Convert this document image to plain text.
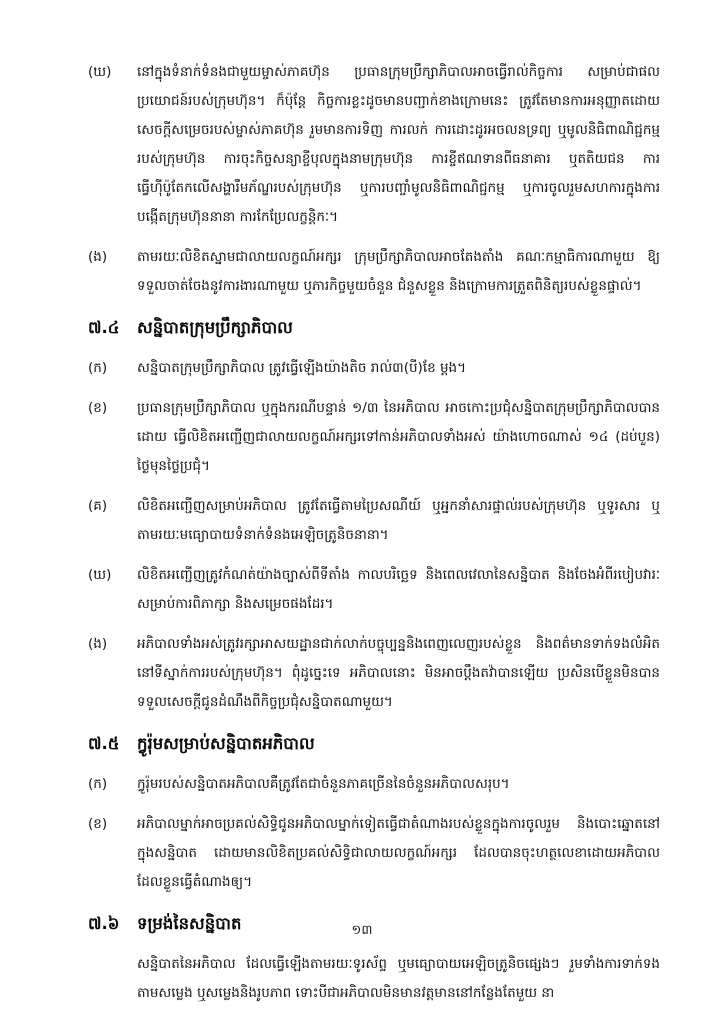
(ឃ)	នៅក្នុងទំនាក់ទំនងជាមួយម្ចាស់ភាគហ៊ុន ប្រធានក្រុមប្រឹក្សាភិបាលអាចធ្វើរាល់កិច្ចការ សម្រាប់ជាផលប្រយោជន៍របស់ក្រុមហ៊ុន។ ក៏ប៉ុន្តែ កិច្ចការខ្លះដូចមានបញ្ជាក់ខាងក្រោមនេះ ត្រូវតែមានការអនុញ្ញាតដោយសេចក្តីសម្រេចរបស់ម្ចាស់ភាគហ៊ុន រួមមានការទិញ ការលក់ ការដោះដូរអចលនទ្រព្យ ឬមូលនិធិពាណិជ្ជកម្មរបស់ក្រុមហ៊ុន ការចុះកិច្ចសន្យាខ្ចីបុលក្នុងនាមក្រុមហ៊ុន ការខ្ចីឥណទានពីធនាគារ ឬតតិយជន ការធ្វើហ៊ីប៉ូតែកលើសង្ហារឹមភ័ណ្ឌរបស់ក្រុមហ៊ុន ឬការបញ្ចាំមូលនិធិពាណិជ្ជកម្ម ឬការចូលរួមសហការក្នុងការបង្កើតក្រុមហ៊ុននានា ការកែប្រែលក្ខន្តិកៈ។

(ង)	តាមរយៈលិខិតស្នាមជាលាយលក្ខណ៍អក្សរ ក្រុមប្រឹក្សាភិបាលអាចតែងតាំង គណៈកម្មាធិការណាមួយ ឱ្យទទួលចាត់ចែងនូវការងារណាមួយ ឬភារកិច្ចមួយចំនួន ជំនួសខ្លួន និងក្រោមការត្រួតពិនិត្យរបស់ខ្លួនផ្ទាល់។

៧.៤	សន្និបាតក្រុមប្រឹក្សាភិបាល
(ក)	សន្និបាតក្រុមប្រឹក្សាភិបាល ត្រូវធ្វើឡើងយ៉ាងតិច រាល់៣(បី)ខែ ម្តង។

(ខ)	ប្រធានក្រុមប្រឹក្សាភិបាល ឬក្នុងករណីបន្ទាន់ ១/៣ នៃអភិបាល អាចកោះប្រជុំសន្និបាតក្រុមប្រឹក្សាភិបាលបានដោយ ធ្វើលិខិតអញ្ជើញជាលាយលក្ខណ៍អក្សរទៅកាន់អភិបាលទាំងអស់ យ៉ាងហោចណាស់ ១៤ (ដប់បួន) ថ្ងៃមុនថ្ងៃប្រជុំ។

(គ)	លិខិតអញ្ជើញសម្រាប់អភិបាល ត្រូវតែធ្វើតាមប្រៃសណីយ៍ ឬអ្នកនាំសារផ្ទាល់របស់ក្រុមហ៊ុន ឬទូរសារ ឬតាមរយៈមធ្យោបាយទំនាក់ទំនងអេឡិចត្រូនិចនានា។

(ឃ)	លិខិតអញ្ជើញត្រូវកំណត់យ៉ាងច្បាស់ពីទីតាំង កាលបរិច្ឆេទ និងពេលវេលានៃសន្និបាត និងចែងអំពីរបៀបវារៈសម្រាប់ការពិភាក្សា និងសម្រេចផងដែរ។

(ង)	អភិបាលទាំងអស់ត្រូវរក្សាអាសយដ្ឋានជាក់លាក់បច្ចុប្បន្ននិងពេញលេញរបស់ខ្លួន និងពត៌មានទាក់ទងលំអិតនៅទីស្នាក់ការរបស់ក្រុមហ៊ុន។ ពុំដូច្នេះទេ អភិបាលនោះ មិនអាចប្តឹងតវ៉ាបានឡើយ ប្រសិនបើខ្លួនមិនបានទទួលសេចក្តីជូនដំណឹងពីកិច្ចប្រជុំសន្និបាតណាមួយ។

៧.៥	ក្វូរ៉ុមសម្រាប់សន្និបាតអភិបាល
(ក)	ក្វូរ៉ុមរបស់សន្និបាតអភិបាលគឺត្រូវតែជាចំនួនភាគច្រើននៃចំនួនអភិបាលសរុប។

(ខ)	អភិបាលម្នាក់អាចប្រគល់សិទ្ធិជូនអភិបាលម្នាក់ទៀតធ្វើជាតំណាងរបស់ខ្លួនក្នុងការចូលរួម និងបោះឆ្នោតនៅក្នុងសន្និបាត ដោយមានលិខិតប្រគល់សិទ្ធិជាលាយលក្ខណ៍អក្សរ ដែលបានចុះហត្ថលេខាដោយអភិបាលដែលខ្លួនធ្វើតំណាងឲ្យ។

៧.៦	ទម្រង់នៃសន្និបាត

សន្និបាតនៃអភិបាល ដែលធ្វើឡើងតាមរយៈទូរស័ព្ទ ឬមធ្យោបាយអេឡិចត្រូនិចផ្សេងៗ រួមទាំងការទាក់ទងតាមសម្លេង ឬសម្លេងនិងរូបភាព ទោះបីជាអភិបាលមិនមានវត្តមាននៅកន្លែងតែមួយ នា

១៣
